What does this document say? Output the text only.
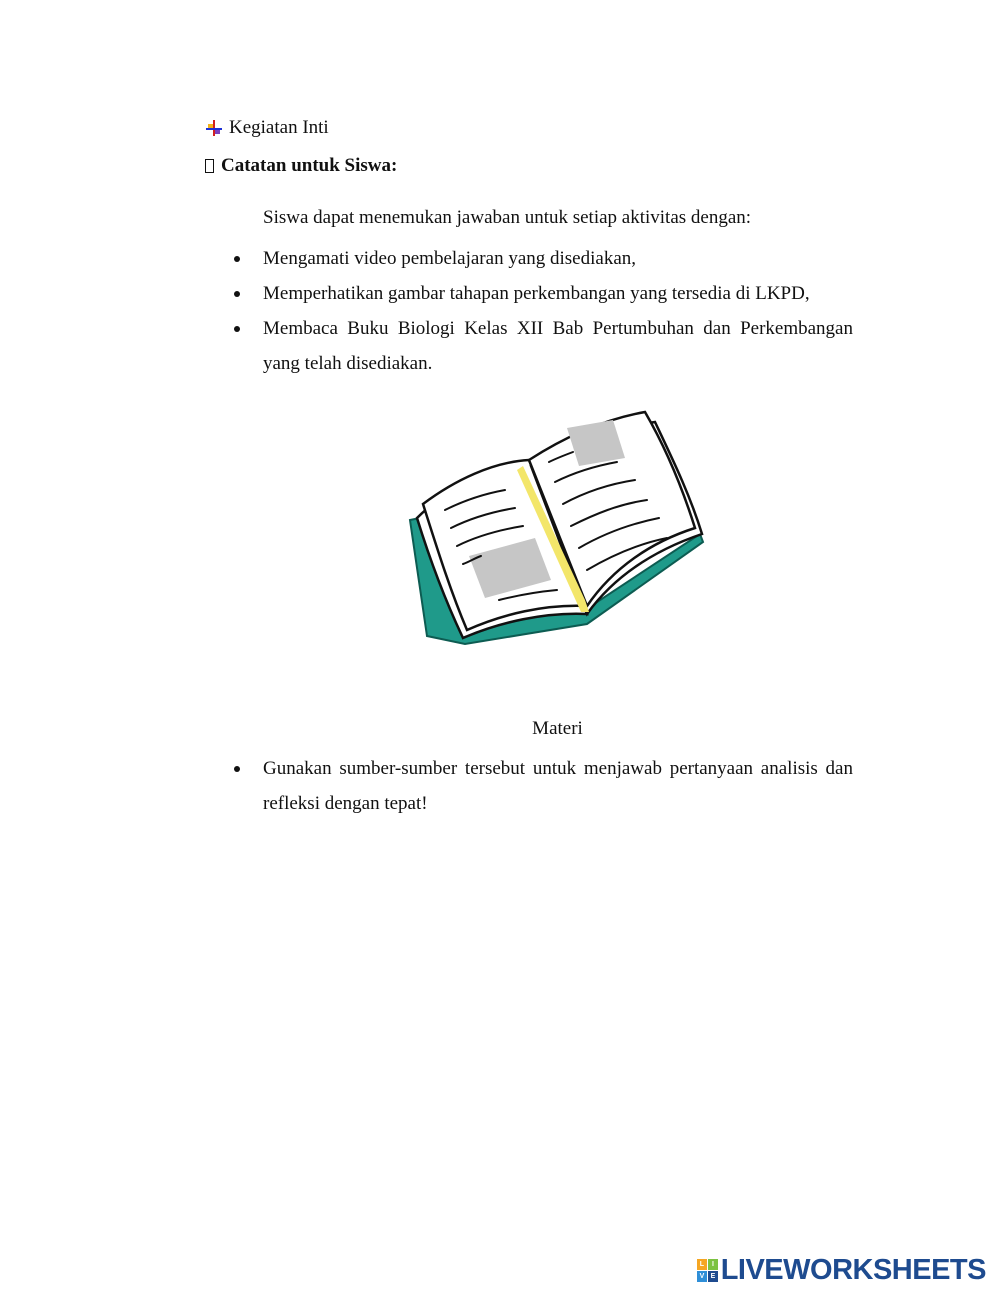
Kegiatan Inti
Catatan untuk Siswa:
Siswa dapat menemukan jawaban untuk setiap aktivitas dengan:

Mengamati video pembelajaran yang disediakan,

Memperhatikan gambar tahapan perkembangan yang tersedia di LKPD,

Membaca Buku Biologi Kelas XII Bab Pertumbuhan dan Perkembangan yang telah disediakan.

Materi

Gunakan sumber-sumber tersebut untuk menjawab pertanyaan analisis dan refleksi dengan tepat!

L	I
V E LIVEWORKSHEETS
